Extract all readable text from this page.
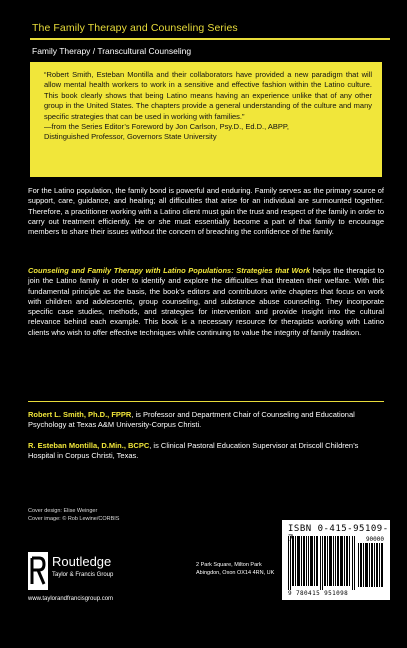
The Family Therapy and Counseling Series
Family Therapy / Transcultural Counseling

“Robert Smith, Esteban Montilla and their collaborators have provided a new paradigm that will allow mental health workers to work in a sensitive and effective fashion within the Latino culture. This book clearly shows that being Latino means having an experience unlike that of any other group in the United States. The chapters provide a general understanding of the culture and many specific strategies that can be used in working with families.”

—from the Series Editor’s Foreword by Jon Carlson, Psy.D., Ed.D., ABPP,

Distinguished Professor, Governors State University

For the Latino population, the family bond is powerful and enduring. Family serves as the primary source of support, care, guidance, and healing; all difficulties that arise for an individual are surmounted together. Therefore, a practitioner working with a Latino client must gain the trust and respect of the family in order to carry out treatment efficiently. He or she must essentially become a part of that family to encourage members to share their issues without the concern of breaching the confidence of the family.

Counseling and Family Therapy with Latino Populations: Strategies that Work helps the therapist to join the Latino family in order to identify and explore the difficulties that threaten their welfare. With this fundamental principle as the basis, the book’s editors and contributors write chapters that focus on work with children and adolescents, group counseling, and substance abuse counseling. They incorporate specific case studies, methods, and strategies for intervention and provide insight into the cultural relevance behind each example. This book is a necessary resource for therapists working with Latino clients who wish to offer effective techniques while continuing to value the integrity of family tradition.

Robert L. Smith, Ph.D., FPPR, is Professor and Department Chair of Counseling and Educational Psychology at Texas A&M University-Corpus Christi.

R. Esteban Montilla, D.Min., BCPC, is Clinical Pastoral Education Supervisor at Driscoll Children’s Hospital in Corpus Christi, Texas.

Cover design: Elise Weinger
Cover image: © Rob Lewine/CORBIS
Routledge
Taylor & Francis Group
2 Park Square, Milton Park
Abingdon, Oxon OX14 4RN, UK
www.taylorandfrancisgroup.com
ISBN 0-415-95109-
90000
9 780415 951098
